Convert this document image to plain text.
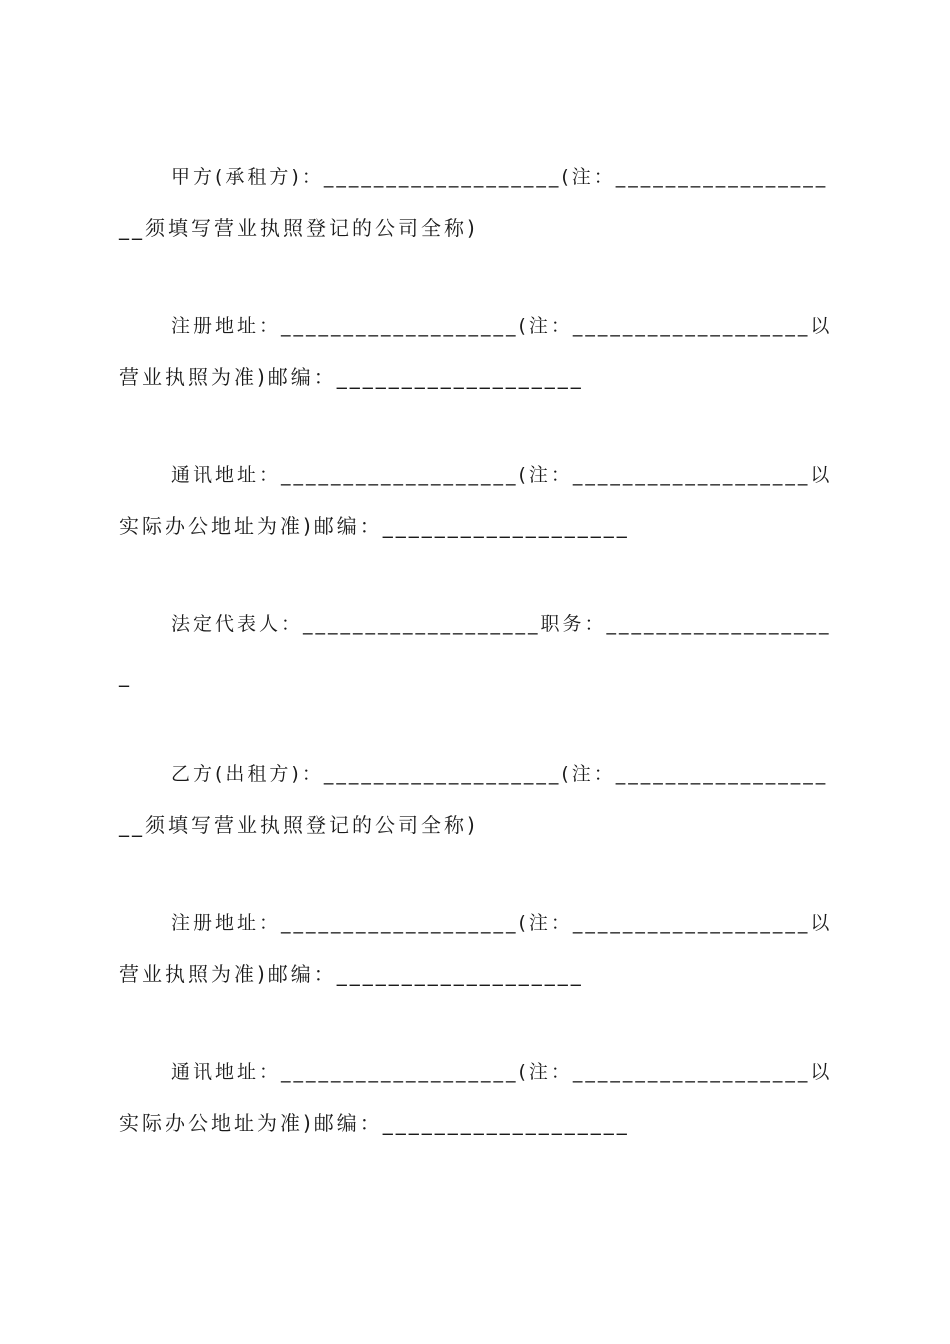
甲方(承租方)：___________________(注：_________________
__须填写营业执照登记的公司全称)
注册地址：___________________(注：___________________以
营业执照为准)邮编：___________________
通讯地址：___________________(注：___________________以
实际办公地址为准)邮编：___________________
法定代表人：___________________职务：__________________
_
乙方(出租方)：___________________(注：_________________
__须填写营业执照登记的公司全称)
注册地址：___________________(注：___________________以
营业执照为准)邮编：___________________
通讯地址：___________________(注：___________________以
实际办公地址为准)邮编：___________________
